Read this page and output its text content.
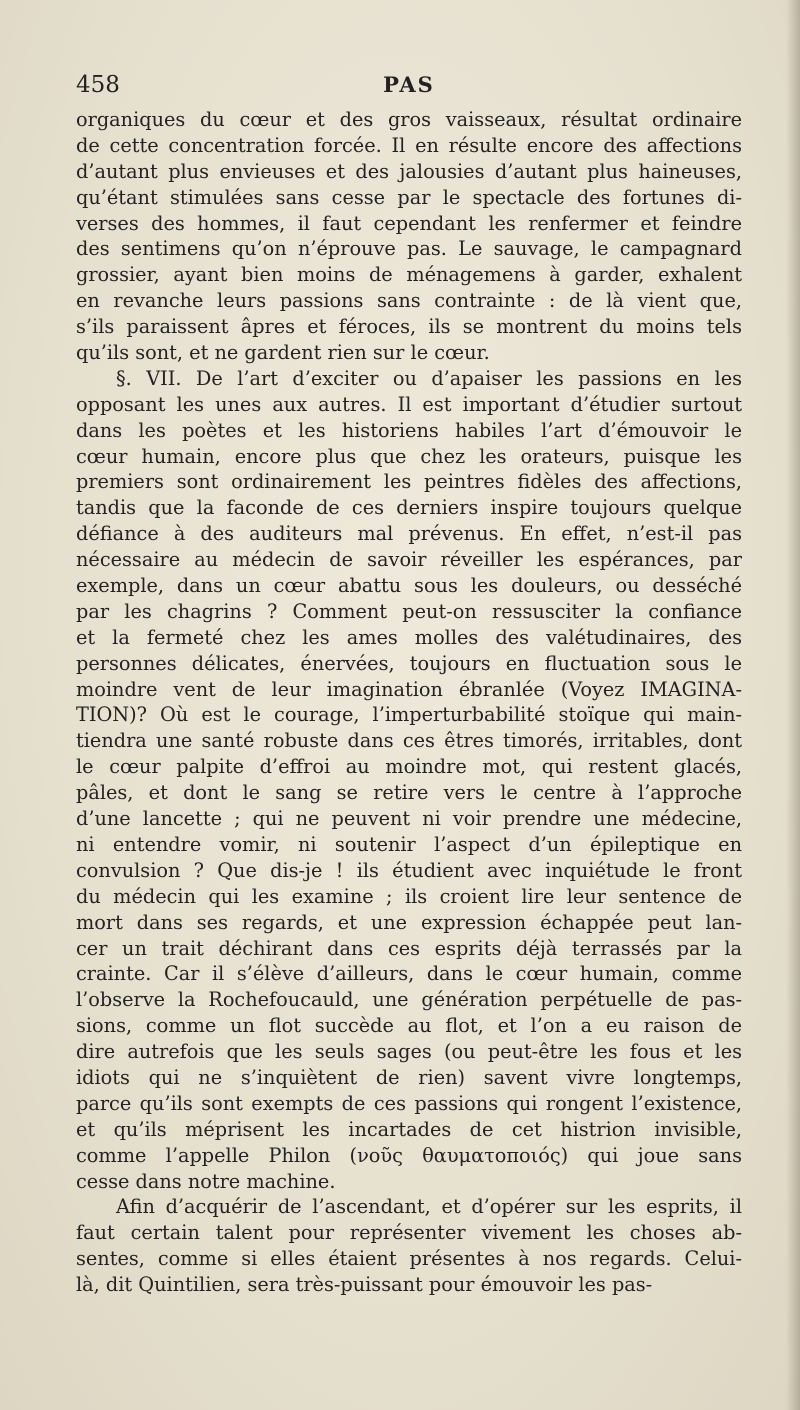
458	PAS
organiques du cœur et des gros vaisseaux, résultat ordinaire
de cette concentration forcée. Il en résulte encore des affections
d’autant plus envieuses et des jalousies d’autant plus haineuses,
qu’étant stimulées sans cesse par le spectacle des fortunes di-
verses des hommes, il faut cependant les renfermer et feindre
des sentimens qu’on n’éprouve pas. Le sauvage, le campagnard
grossier, ayant bien moins de ménagemens à garder, exhalent
en revanche leurs passions sans contrainte : de là vient que,
s’ils paraissent âpres et féroces, ils se montrent du moins tels
qu’ils sont, et ne gardent rien sur le cœur.
§. VII. De l’art d’exciter ou d’apaiser les passions en les
opposant les unes aux autres. Il est important d’étudier surtout
dans les poètes et les historiens habiles l’art d’émouvoir le
cœur humain, encore plus que chez les orateurs, puisque les
premiers sont ordinairement les peintres fidèles des affections,
tandis que la faconde de ces derniers inspire toujours quelque
défiance à des auditeurs mal prévenus. En effet, n’est-il pas
nécessaire au médecin de savoir réveiller les espérances, par
exemple, dans un cœur abattu sous les douleurs, ou desséché
par les chagrins ? Comment peut-on ressusciter la confiance
et la fermeté chez les ames molles des valétudinaires, des
personnes délicates, énervées, toujours en fluctuation sous le
moindre vent de leur imagination ébranlée (Voyez IMAGINA-
TION)? Où est le courage, l’imperturbabilité stoïque qui main-
tiendra une santé robuste dans ces êtres timorés, irritables, dont
le cœur palpite d’effroi au moindre mot, qui restent glacés,
pâles, et dont le sang se retire vers le centre à l’approche
d’une lancette ; qui ne peuvent ni voir prendre une médecine,
ni entendre vomir, ni soutenir l’aspect d’un épileptique en
convulsion ? Que dis-je ! ils étudient avec inquiétude le front
du médecin qui les examine ; ils croient lire leur sentence de
mort dans ses regards, et une expression échappée peut lan-
cer un trait déchirant dans ces esprits déjà terrassés par la
crainte. Car il s’élève d’ailleurs, dans le cœur humain, comme
l’observe la Rochefoucauld, une génération perpétuelle de pas-
sions, comme un flot succède au flot, et l’on a eu raison de
dire autrefois que les seuls sages (ou peut-être les fous et les
idiots qui ne s’inquiètent de rien) savent vivre longtemps,
parce qu’ils sont exempts de ces passions qui rongent l’existence,
et qu’ils méprisent les incartades de cet histrion invisible,
comme l’appelle Philon (νοῦς θαυματοποιός) qui joue sans
cesse dans notre machine.
Afin d’acquérir de l’ascendant, et d’opérer sur les esprits, il
faut certain talent pour représenter vivement les choses ab-
sentes, comme si elles étaient présentes à nos regards. Celui-
là, dit Quintilien, sera très-puissant pour émouvoir les pas-
